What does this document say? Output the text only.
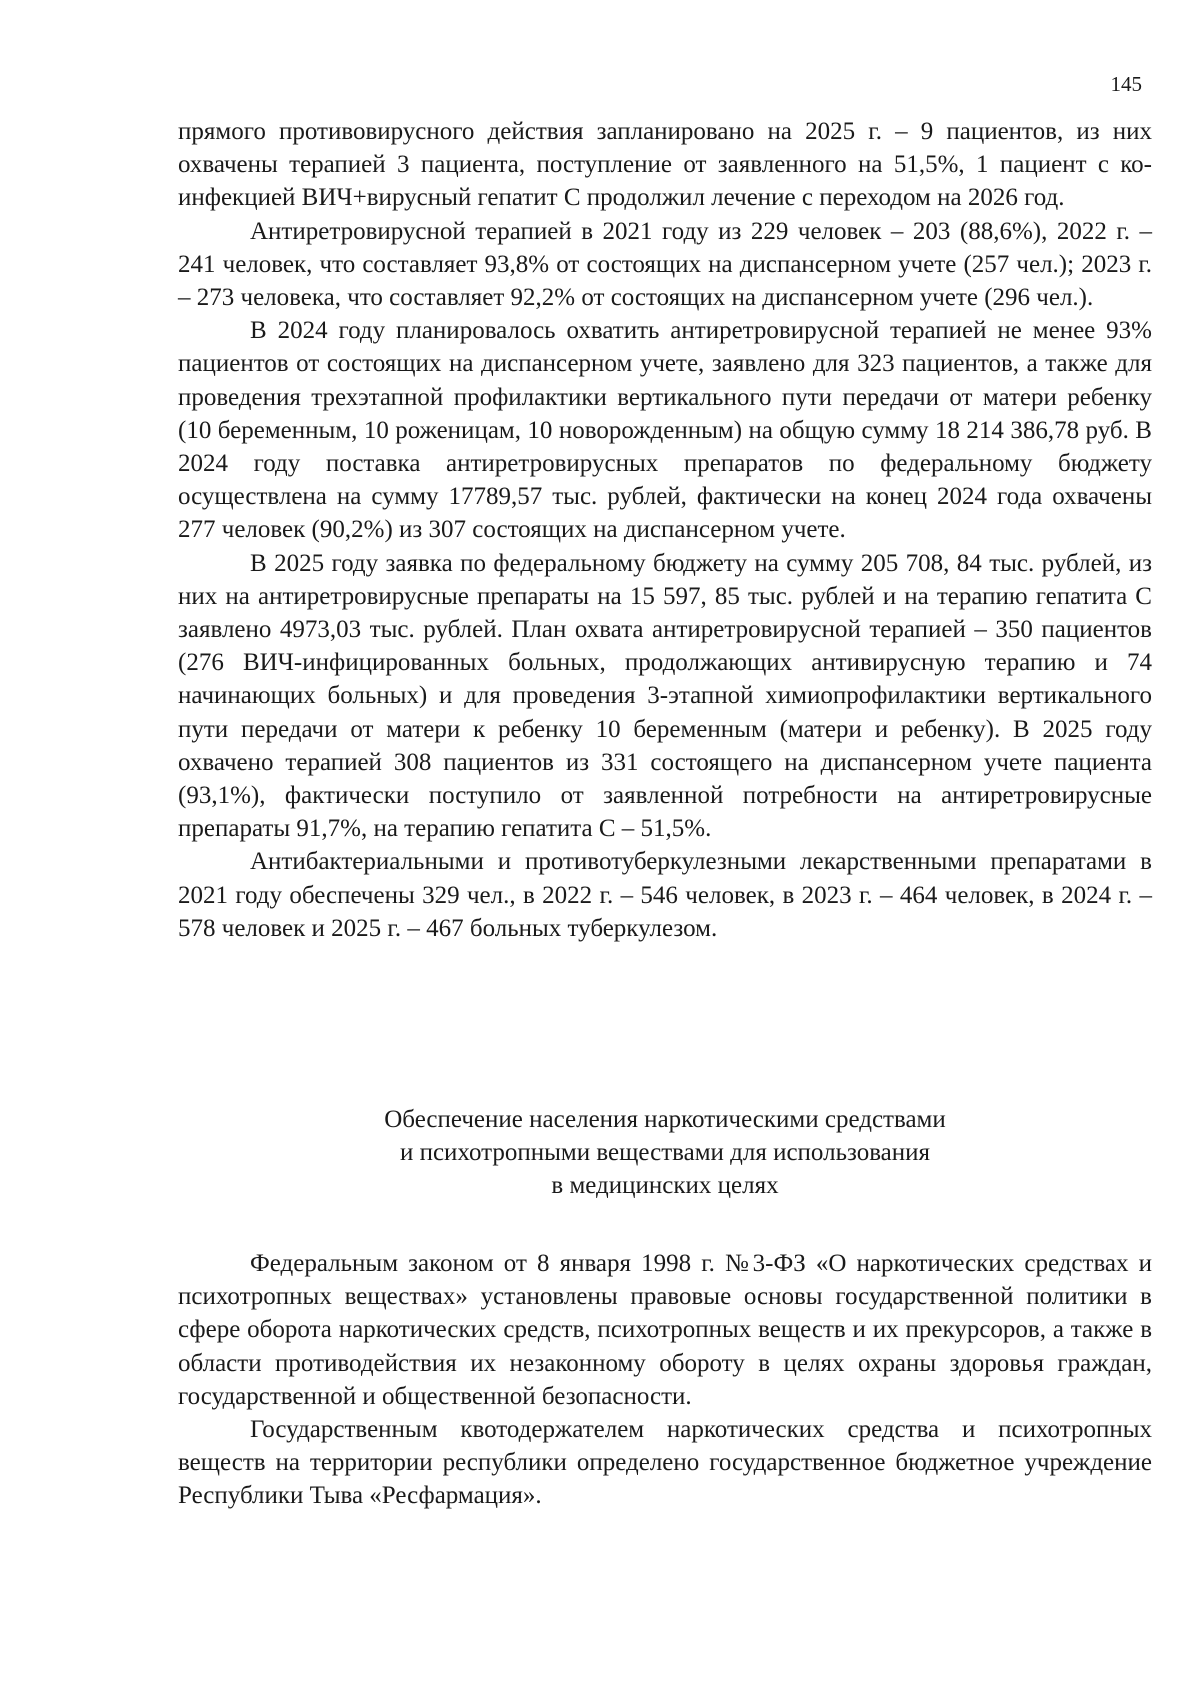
145

прямого противовирусного действия запланировано на 2025 г. – 9 пациентов, из них охвачены терапией 3 пациента, поступление от заявленного на 51,5%, 1 пациент с ко-инфекцией ВИЧ+вирусный гепатит С продолжил лечение с переходом на 2026 год.

Антиретровирусной терапией в 2021 году из 229 человек – 203 (88,6%), 2022 г. – 241 человек, что составляет 93,8% от состоящих на диспансерном учете (257 чел.); 2023 г. – 273 человека, что составляет 92,2% от состоящих на диспансерном учете (296 чел.).

В 2024 году планировалось охватить антиретровирусной терапией не менее 93% пациентов от состоящих на диспансерном учете, заявлено для 323 пациентов, а также для проведения трехэтапной профилактики вертикального пути передачи от матери ребенку (10 беременным, 10 роженицам, 10 новорожденным) на общую сумму 18 214 386,78 руб. В 2024 году поставка антиретровирусных препаратов по федеральному бюджету осуществлена на сумму 17789,57 тыс. рублей, фактически на конец 2024 года охвачены 277 человек (90,2%) из 307 состоящих на диспансерном учете.

В 2025 году заявка по федеральному бюджету на сумму 205 708, 84 тыс. рублей, из них на антиретровирусные препараты на 15 597, 85 тыс. рублей и на терапию гепатита С заявлено 4973,03 тыс. рублей. План охвата антиретровирусной терапией – 350 пациентов (276 ВИЧ-инфицированных больных, продолжающих антивирусную терапию и 74 начинающих больных) и для проведения 3-этапной химиопрофилактики вертикального пути передачи от матери к ребенку 10 беременным (матери и ребенку). В 2025 году охвачено терапией 308 пациентов из 331 состоящего на диспансерном учете пациента (93,1%), фактически поступило от заявленной потребности на антиретровирусные препараты 91,7%, на терапию гепатита С – 51,5%.

Антибактериальными и противотуберкулезными лекарственными препаратами в 2021 году обеспечены 329 чел., в 2022 г. – 546 человек, в 2023 г. – 464 человек, в 2024 г. – 578 человек и 2025 г. – 467 больных туберкулезом.

Обеспечение населения наркотическими средствами
и психотропными веществами для использования
в медицинских целях

Федеральным законом от 8 января 1998 г. №3-ФЗ «О наркотических средствах и психотропных веществах» установлены правовые основы государственной политики в сфере оборота наркотических средств, психотропных веществ и их прекурсоров, а также в области противодействия их незаконному обороту в целях охраны здоровья граждан, государственной и общественной безопасности.

Государственным квотодержателем наркотических средства и психотропных веществ на территории республики определено государственное бюджетное учреждение Республики Тыва «Ресфармация».
